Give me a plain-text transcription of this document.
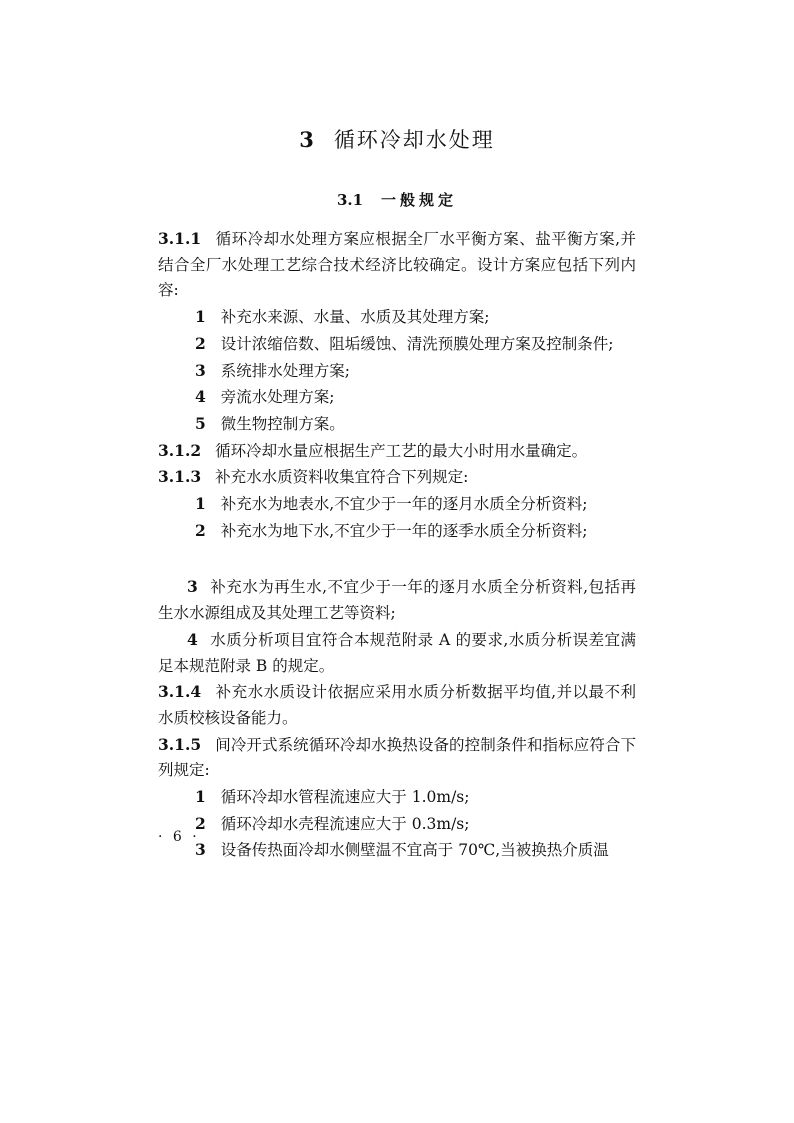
3 循环冷却水处理
3.1 一般规定

3.1.1 循环冷却水处理方案应根据全厂水平衡方案、盐平衡方案,并结合全厂水处理工艺综合技术经济比较确定。设计方案应包括下列内容:

1 补充水来源、水量、水质及其处理方案;

2 设计浓缩倍数、阻垢缓蚀、清洗预膜处理方案及控制条件;

3 系统排水处理方案;

4 旁流水处理方案;

5 微生物控制方案。

3.1.2 循环冷却水量应根据生产工艺的最大小时用水量确定。

3.1.3 补充水水质资料收集宜符合下列规定:

1 补充水为地表水,不宜少于一年的逐月水质全分析资料;

2 补充水为地下水,不宜少于一年的逐季水质全分析资料;

3 补充水为再生水,不宜少于一年的逐月水质全分析资料,包括再生水水源组成及其处理工艺等资料;

4 水质分析项目宜符合本规范附录 A 的要求,水质分析误差宜满足本规范附录 B 的规定。

3.1.4 补充水水质设计依据应采用水质分析数据平均值,并以最不利水质校核设备能力。

3.1.5 间冷开式系统循环冷却水换热设备的控制条件和指标应符合下列规定:

1 循环冷却水管程流速应大于 1.0m/s;

2 循环冷却水壳程流速应大于 0.3m/s;

3 设备传热面冷却水侧壁温不宜高于 70℃,当被换热介质温

· 6 ·
